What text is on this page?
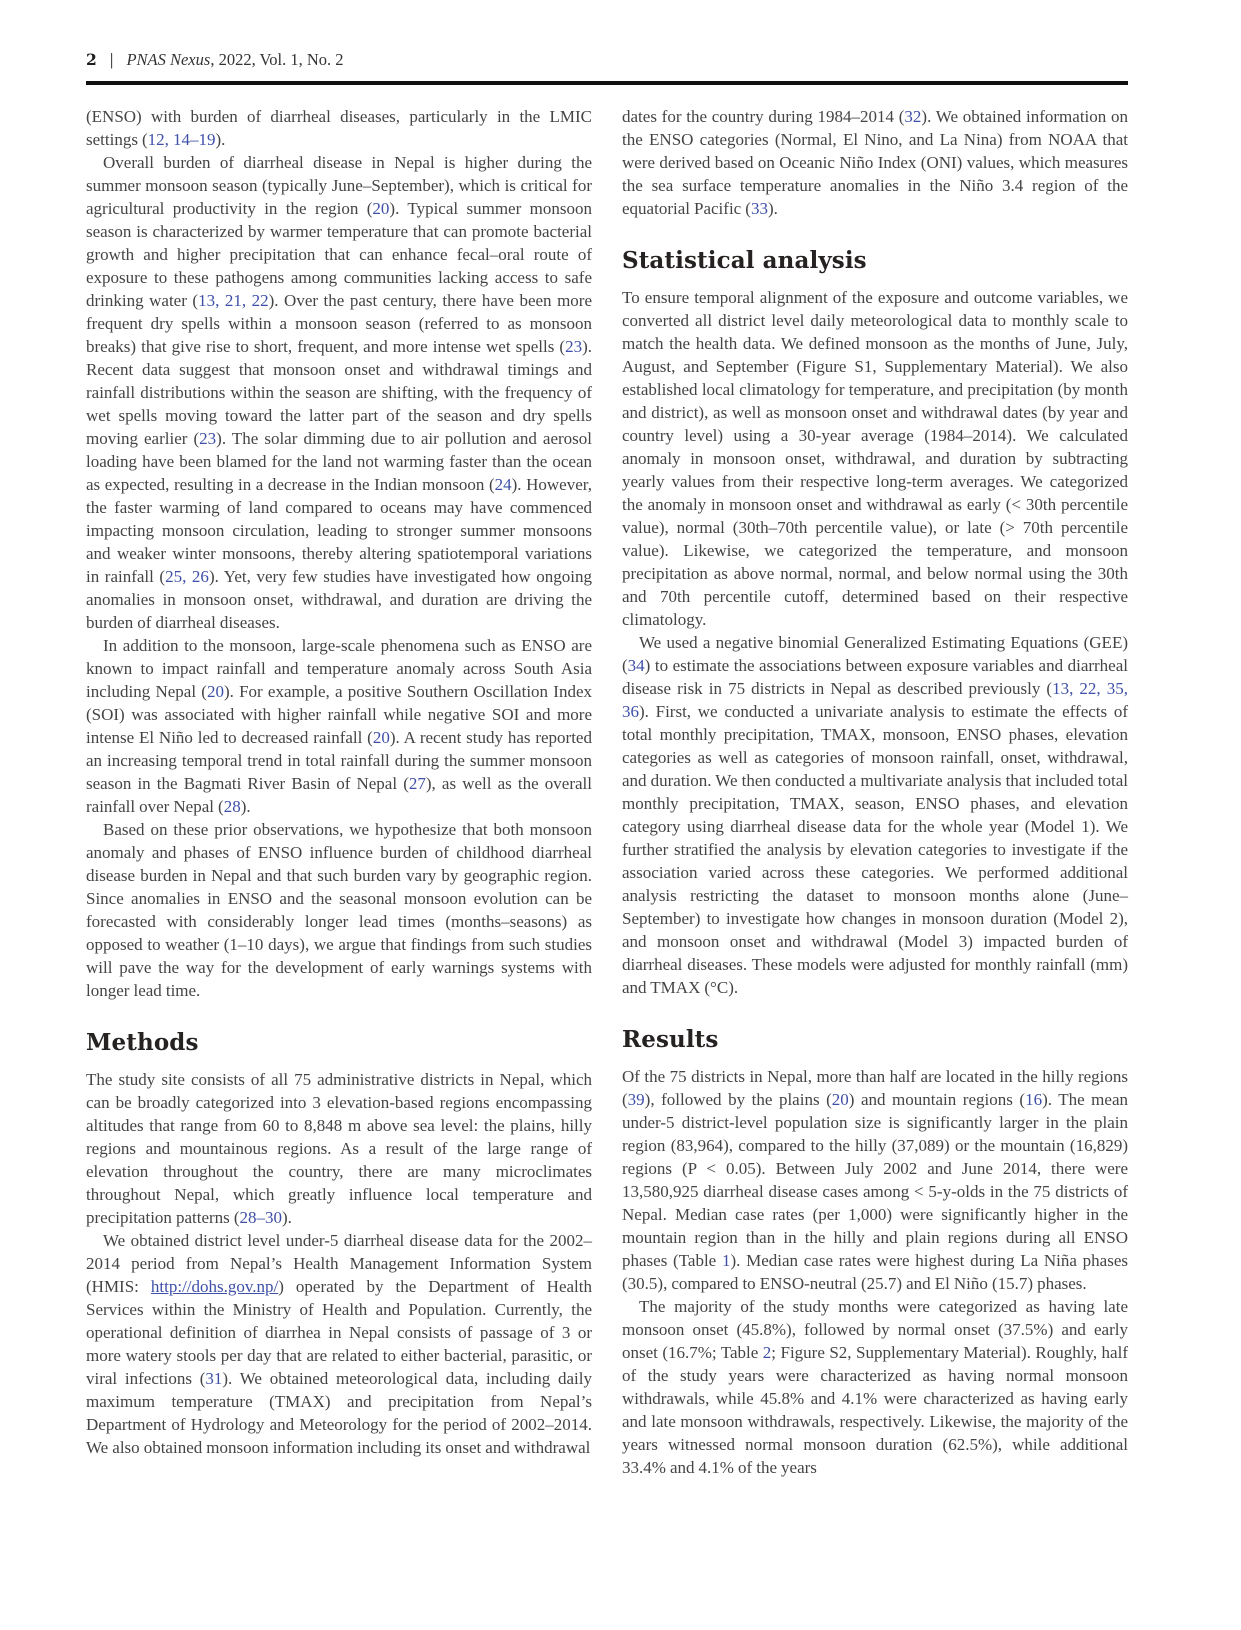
2 | PNAS Nexus, 2022, Vol. 1, No. 2

(ENSO) with burden of diarrheal diseases, particularly in the LMIC settings (12, 14–19).

Overall burden of diarrheal disease in Nepal is higher during the summer monsoon season (typically June–September), which is critical for agricultural productivity in the region (20). Typical summer monsoon season is characterized by warmer temperature that can promote bacterial growth and higher precipitation that can enhance fecal–oral route of exposure to these pathogens among communities lacking access to safe drinking water (13, 21, 22). Over the past century, there have been more frequent dry spells within a monsoon season (referred to as monsoon breaks) that give rise to short, frequent, and more intense wet spells (23). Recent data suggest that monsoon onset and withdrawal timings and rainfall distributions within the season are shifting, with the frequency of wet spells moving toward the latter part of the season and dry spells moving earlier (23). The solar dimming due to air pollution and aerosol loading have been blamed for the land not warming faster than the ocean as expected, resulting in a decrease in the Indian monsoon (24). However, the faster warming of land compared to oceans may have commenced impacting monsoon circulation, leading to stronger summer monsoons and weaker winter monsoons, thereby altering spatiotemporal variations in rainfall (25, 26). Yet, very few studies have investigated how ongoing anomalies in monsoon onset, withdrawal, and duration are driving the burden of diarrheal diseases.

In addition to the monsoon, large-scale phenomena such as ENSO are known to impact rainfall and temperature anomaly across South Asia including Nepal (20). For example, a positive Southern Oscillation Index (SOI) was associated with higher rainfall while negative SOI and more intense El Niño led to decreased rainfall (20). A recent study has reported an increasing temporal trend in total rainfall during the summer monsoon season in the Bagmati River Basin of Nepal (27), as well as the overall rainfall over Nepal (28).

Based on these prior observations, we hypothesize that both monsoon anomaly and phases of ENSO influence burden of childhood diarrheal disease burden in Nepal and that such burden vary by geographic region. Since anomalies in ENSO and the seasonal monsoon evolution can be forecasted with considerably longer lead times (months–seasons) as opposed to weather (1–10 days), we argue that findings from such studies will pave the way for the development of early warnings systems with longer lead time.

Methods

The study site consists of all 75 administrative districts in Nepal, which can be broadly categorized into 3 elevation-based regions encompassing altitudes that range from 60 to 8,848 m above sea level: the plains, hilly regions and mountainous regions. As a result of the large range of elevation throughout the country, there are many microclimates throughout Nepal, which greatly influence local temperature and precipitation patterns (28–30).

We obtained district level under-5 diarrheal disease data for the 2002–2014 period from Nepal’s Health Management Information System (HMIS: http://dohs.gov.np/) operated by the Department of Health Services within the Ministry of Health and Population. Currently, the operational definition of diarrhea in Nepal consists of passage of 3 or more watery stools per day that are related to either bacterial, parasitic, or viral infections (31). We obtained meteorological data, including daily maximum temperature (TMAX) and precipitation from Nepal’s Department of Hydrology and Meteorology for the period of 2002–2014. We also obtained monsoon information including its onset and withdrawal

dates for the country during 1984–2014 (32). We obtained information on the ENSO categories (Normal, El Nino, and La Nina) from NOAA that were derived based on Oceanic Niño Index (ONI) values, which measures the sea surface temperature anomalies in the Niño 3.4 region of the equatorial Pacific (33).

Statistical analysis

To ensure temporal alignment of the exposure and outcome variables, we converted all district level daily meteorological data to monthly scale to match the health data. We defined monsoon as the months of June, July, August, and September (Figure S1, Supplementary Material). We also established local climatology for temperature, and precipitation (by month and district), as well as monsoon onset and withdrawal dates (by year and country level) using a 30-year average (1984–2014). We calculated anomaly in monsoon onset, withdrawal, and duration by subtracting yearly values from their respective long-term averages. We categorized the anomaly in monsoon onset and withdrawal as early (< 30th percentile value), normal (30th–70th percentile value), or late (> 70th percentile value). Likewise, we categorized the temperature, and monsoon precipitation as above normal, normal, and below normal using the 30th and 70th percentile cutoff, determined based on their respective climatology.

We used a negative binomial Generalized Estimating Equations (GEE) (34) to estimate the associations between exposure variables and diarrheal disease risk in 75 districts in Nepal as described previously (13, 22, 35, 36). First, we conducted a univariate analysis to estimate the effects of total monthly precipitation, TMAX, monsoon, ENSO phases, elevation categories as well as categories of monsoon rainfall, onset, withdrawal, and duration. We then conducted a multivariate analysis that included total monthly precipitation, TMAX, season, ENSO phases, and elevation category using diarrheal disease data for the whole year (Model 1). We further stratified the analysis by elevation categories to investigate if the association varied across these categories. We performed additional analysis restricting the dataset to monsoon months alone (June–September) to investigate how changes in monsoon duration (Model 2), and monsoon onset and withdrawal (Model 3) impacted burden of diarrheal diseases. These models were adjusted for monthly rainfall (mm) and TMAX (°C).

Results

Of the 75 districts in Nepal, more than half are located in the hilly regions (39), followed by the plains (20) and mountain regions (16). The mean under-5 district-level population size is significantly larger in the plain region (83,964), compared to the hilly (37,089) or the mountain (16,829) regions (P < 0.05). Between July 2002 and June 2014, there were 13,580,925 diarrheal disease cases among < 5-y-olds in the 75 districts of Nepal. Median case rates (per 1,000) were significantly higher in the mountain region than in the hilly and plain regions during all ENSO phases (Table 1). Median case rates were highest during La Niña phases (30.5), compared to ENSO-neutral (25.7) and El Niño (15.7) phases.

The majority of the study months were categorized as having late monsoon onset (45.8%), followed by normal onset (37.5%) and early onset (16.7%; Table 2; Figure S2, Supplementary Material). Roughly, half of the study years were characterized as having normal monsoon withdrawals, while 45.8% and 4.1% were characterized as having early and late monsoon withdrawals, respectively. Likewise, the majority of the years witnessed normal monsoon duration (62.5%), while additional 33.4% and 4.1% of the years
